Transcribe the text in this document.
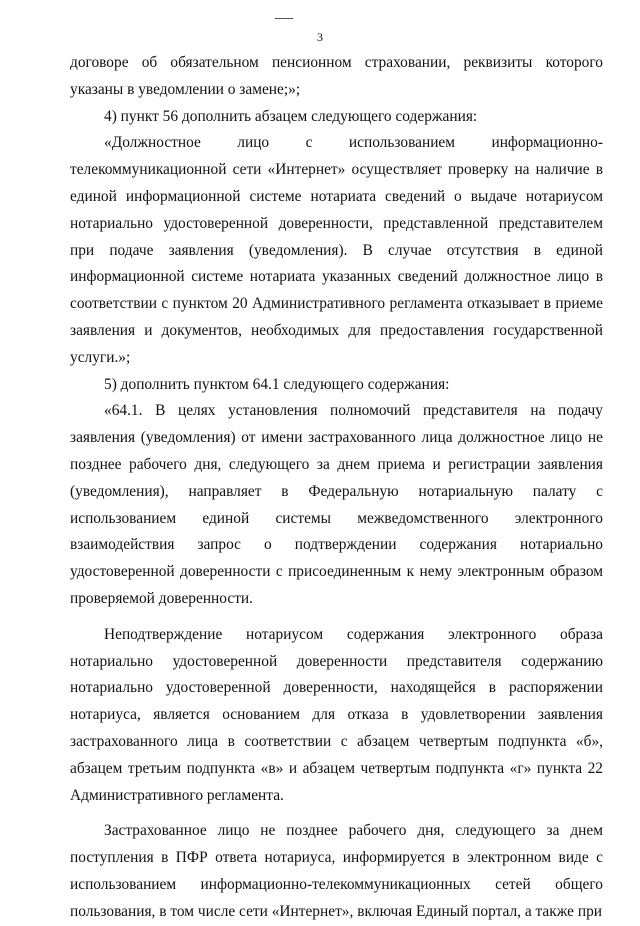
3

договоре об обязательном пенсионном страховании, реквизиты которого указаны в уведомлении о замене;»;

4) пункт 56 дополнить абзацем следующего содержания:

«Должностное лицо с использованием информационно-телекоммуникационной сети «Интернет» осуществляет проверку на наличие в единой информационной системе нотариата сведений о выдаче нотариусом нотариально удостоверенной доверенности, представленной представителем при подаче заявления (уведомления). В случае отсутствия в единой информационной системе нотариата указанных сведений должностное лицо в соответствии с пунктом 20 Административного регламента отказывает в приеме заявления и документов, необходимых для предоставления государственной услуги.»;

5) дополнить пунктом 64.1 следующего содержания:

«64.1. В целях установления полномочий представителя на подачу заявления (уведомления) от имени застрахованного лица должностное лицо не позднее рабочего дня, следующего за днем приема и регистрации заявления (уведомления), направляет в Федеральную нотариальную палату с использованием единой системы межведомственного электронного взаимодействия запрос о подтверждении содержания нотариально удостоверенной доверенности с присоединенным к нему электронным образом проверяемой доверенности.

Неподтверждение нотариусом содержания электронного образа нотариально удостоверенной доверенности представителя содержанию нотариально удостоверенной доверенности, находящейся в распоряжении нотариуса, является основанием для отказа в удовлетворении заявления застрахованного лица в соответствии с абзацем четвертым подпункта «б», абзацем третьим подпункта «в» и абзацем четвертым подпункта «г» пункта 22 Административного регламента.

Застрахованное лицо не позднее рабочего дня, следующего за днем поступления в ПФР ответа нотариуса, информируется в электронном виде с использованием информационно-телекоммуникационных сетей общего пользования, в том числе сети «Интернет», включая Единый портал, а также при
